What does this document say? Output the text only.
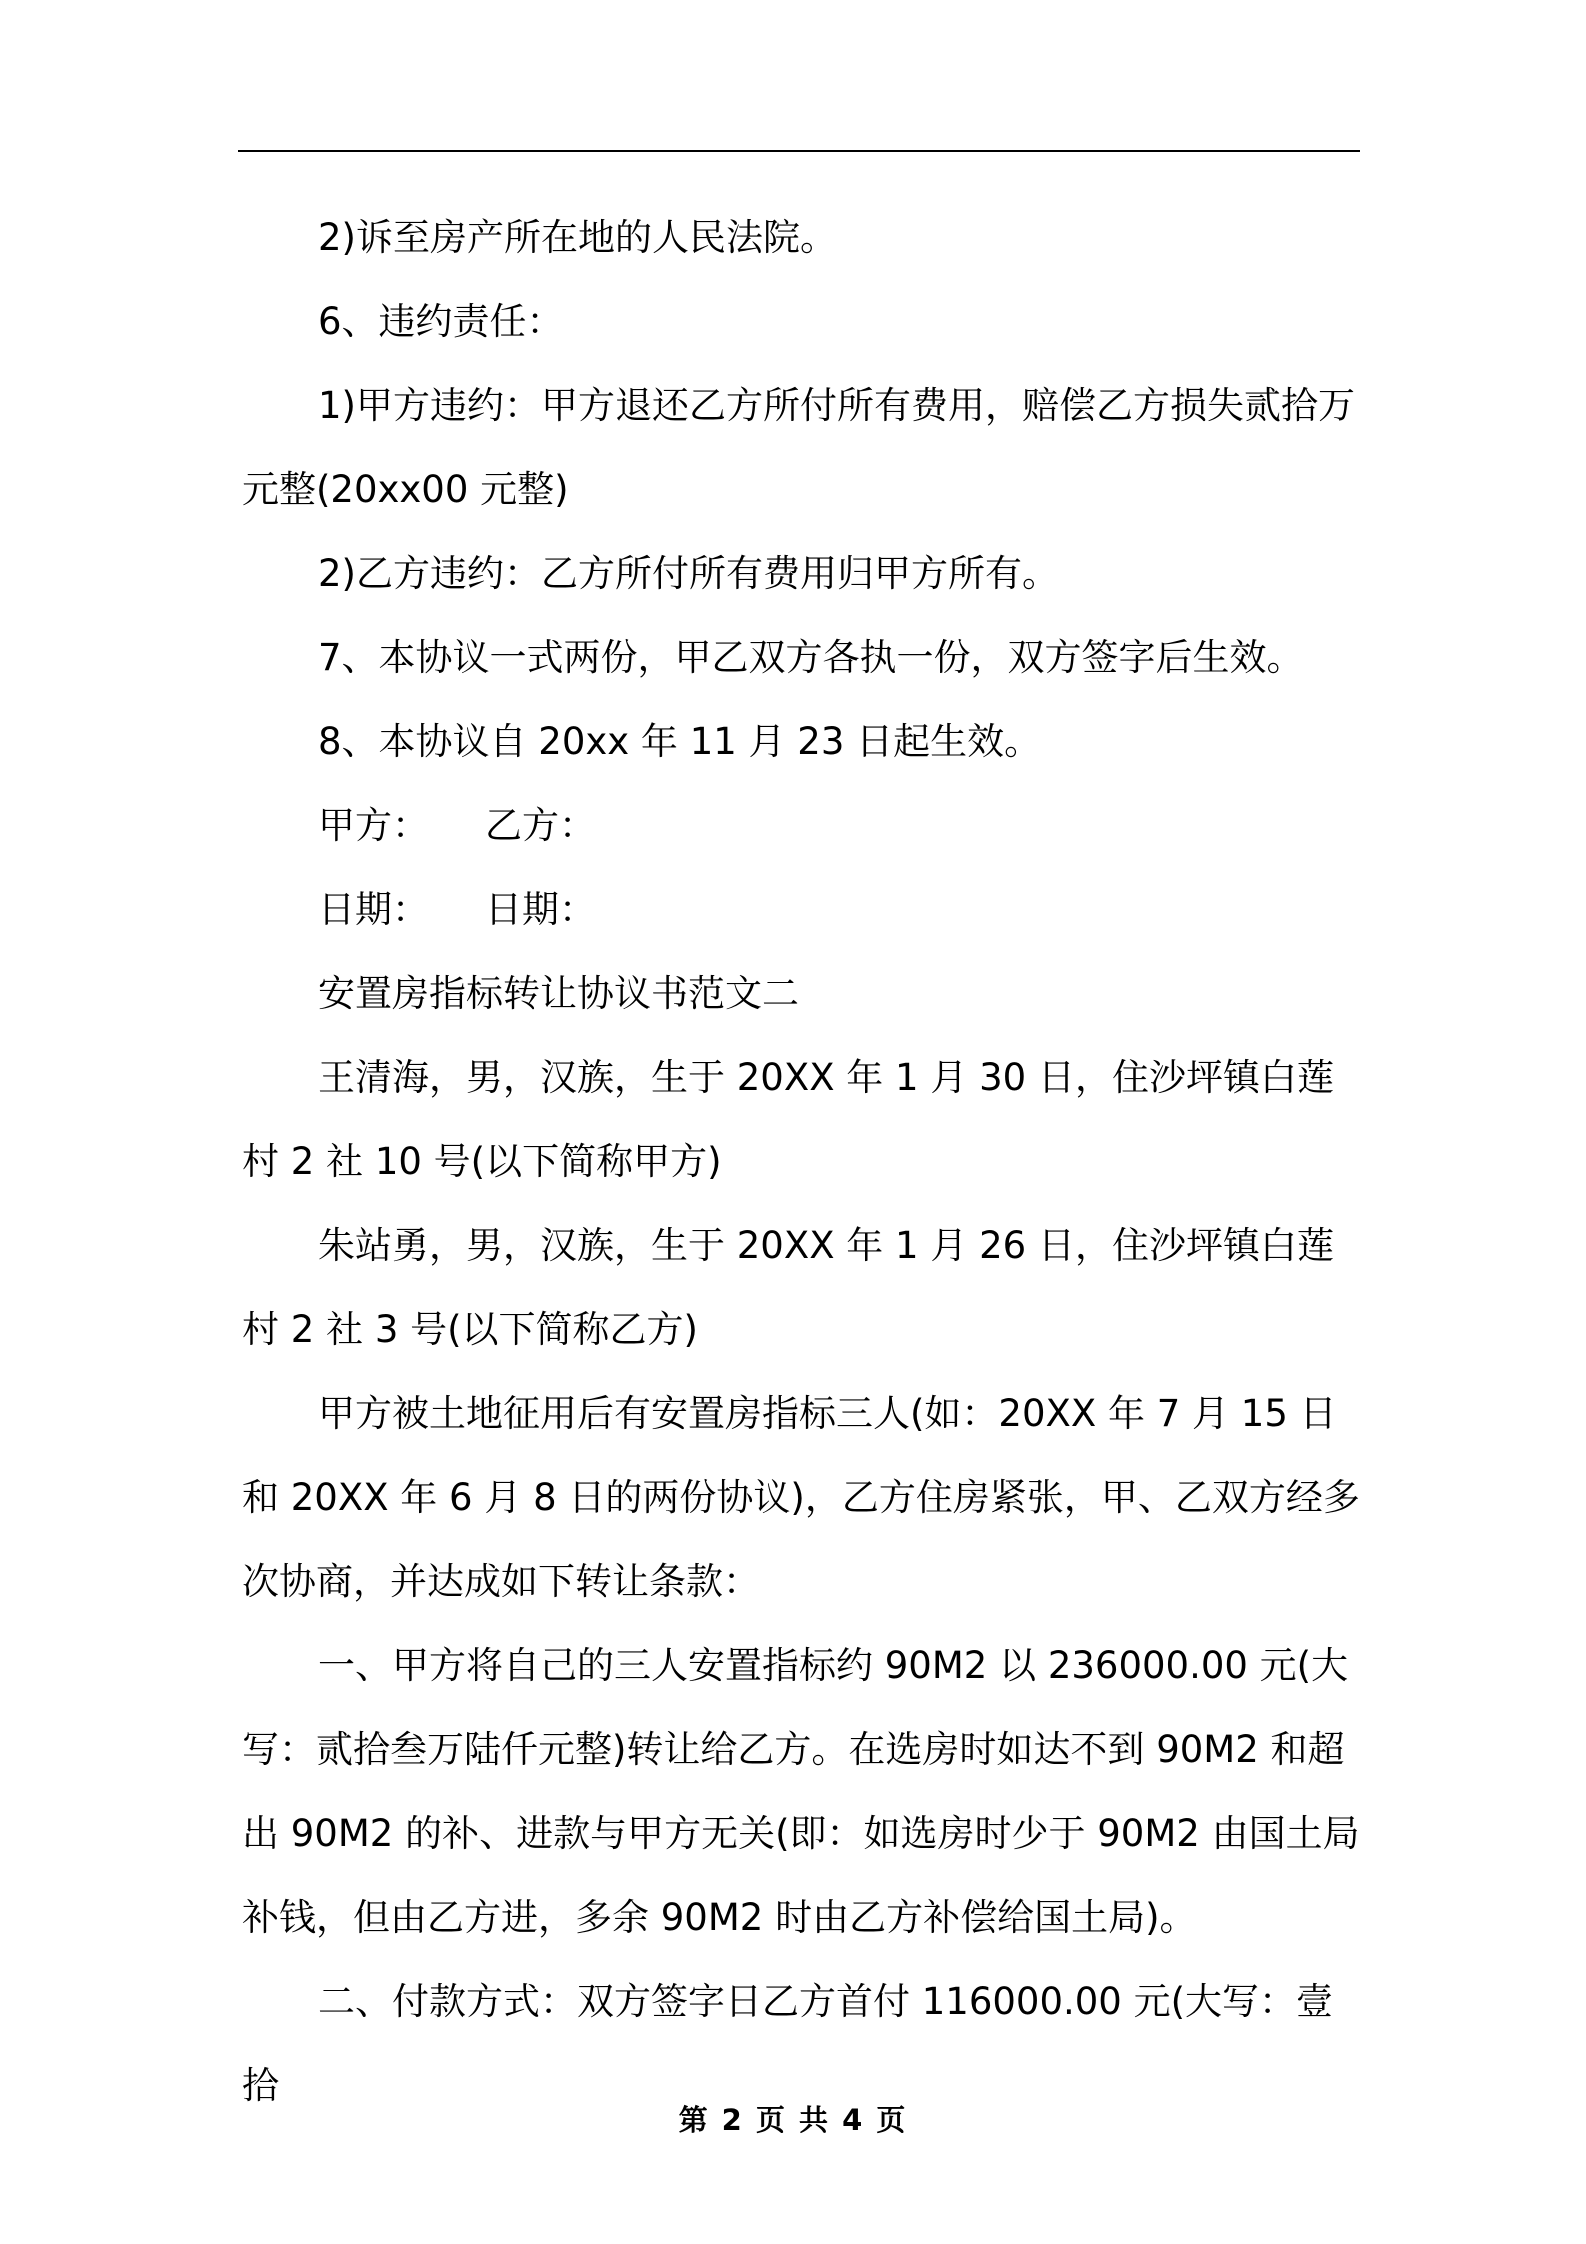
2)诉至房产所在地的人民法院。

6、违约责任：

1)甲方违约：甲方退还乙方所付所有费用，赔偿乙方损失贰拾万元整(20xx00 元整)

2)乙方违约：乙方所付所有费用归甲方所有。

7、本协议一式两份，甲乙双方各执一份，双方签字后生效。

8、本协议自 20xx 年 11 月 23 日起生效。

甲方： 乙方：

日期： 日期：

安置房指标转让协议书范文二

王清海，男，汉族，生于 20XX 年 1 月 30 日，住沙坪镇白莲村 2 社 10 号(以下简称甲方)

朱站勇，男，汉族，生于 20XX 年 1 月 26 日，住沙坪镇白莲村 2 社 3 号(以下简称乙方)

甲方被土地征用后有安置房指标三人(如：20XX 年 7 月 15 日和 20XX 年 6 月 8 日的两份协议)，乙方住房紧张，甲、乙双方经多次协商，并达成如下转让条款：

一、甲方将自己的三人安置指标约 90M2 以 236000.00 元(大写：贰拾叁万陆仟元整)转让给乙方。在选房时如达不到 90M2 和超出 90M2 的补、进款与甲方无关(即：如选房时少于 90M2 由国土局补钱，但由乙方进，多余 90M2 时由乙方补偿给国土局)。

二、付款方式：双方签字日乙方首付 116000.00 元(大写：壹拾

第 2 页 共 4 页
